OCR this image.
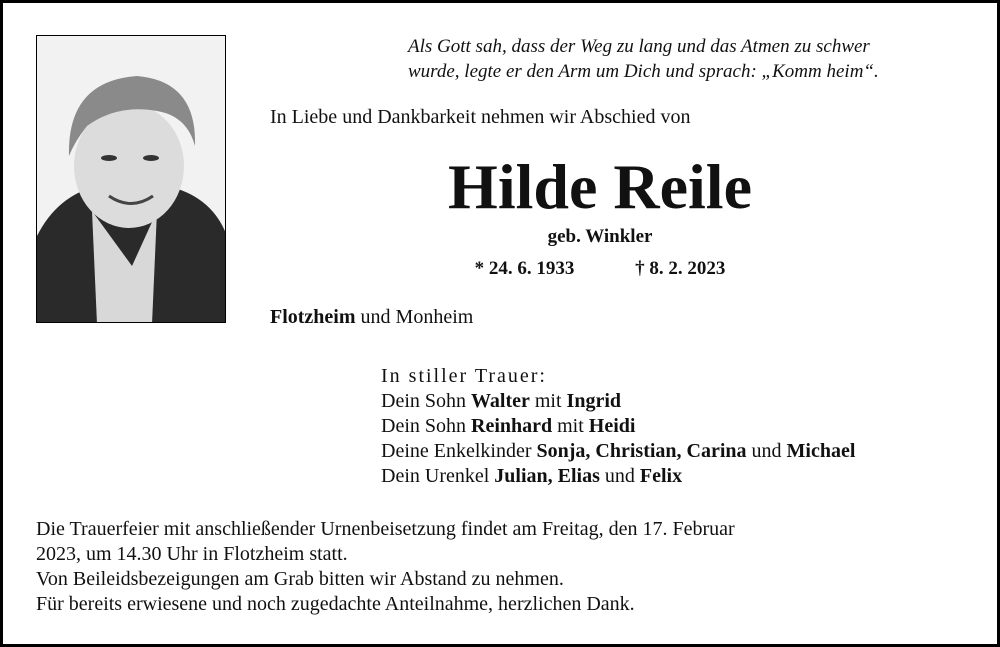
Als Gott sah, dass der Weg zu lang und das Atmen zu schwer
wurde, legte er den Arm um Dich und sprach: „Komm heim“.
In Liebe und Dankbarkeit nehmen wir Abschied von
Hilde Reile
geb. Winkler
* 24. 6. 1933	† 8. 2. 2023
Flotzheim und Monheim
In stiller Trauer:
Dein Sohn Walter mit Ingrid
Dein Sohn Reinhard mit Heidi
Deine Enkelkinder Sonja, Christian, Carina und Michael
Dein Urenkel Julian, Elias und Felix
Die Trauerfeier mit anschließender Urnenbeisetzung findet am Freitag, den 17. Februar
2023, um 14.30 Uhr in Flotzheim statt.
Von Beileidsbezeigungen am Grab bitten wir Abstand zu nehmen.
Für bereits erwiesene und noch zugedachte Anteilnahme, herzlichen Dank.
